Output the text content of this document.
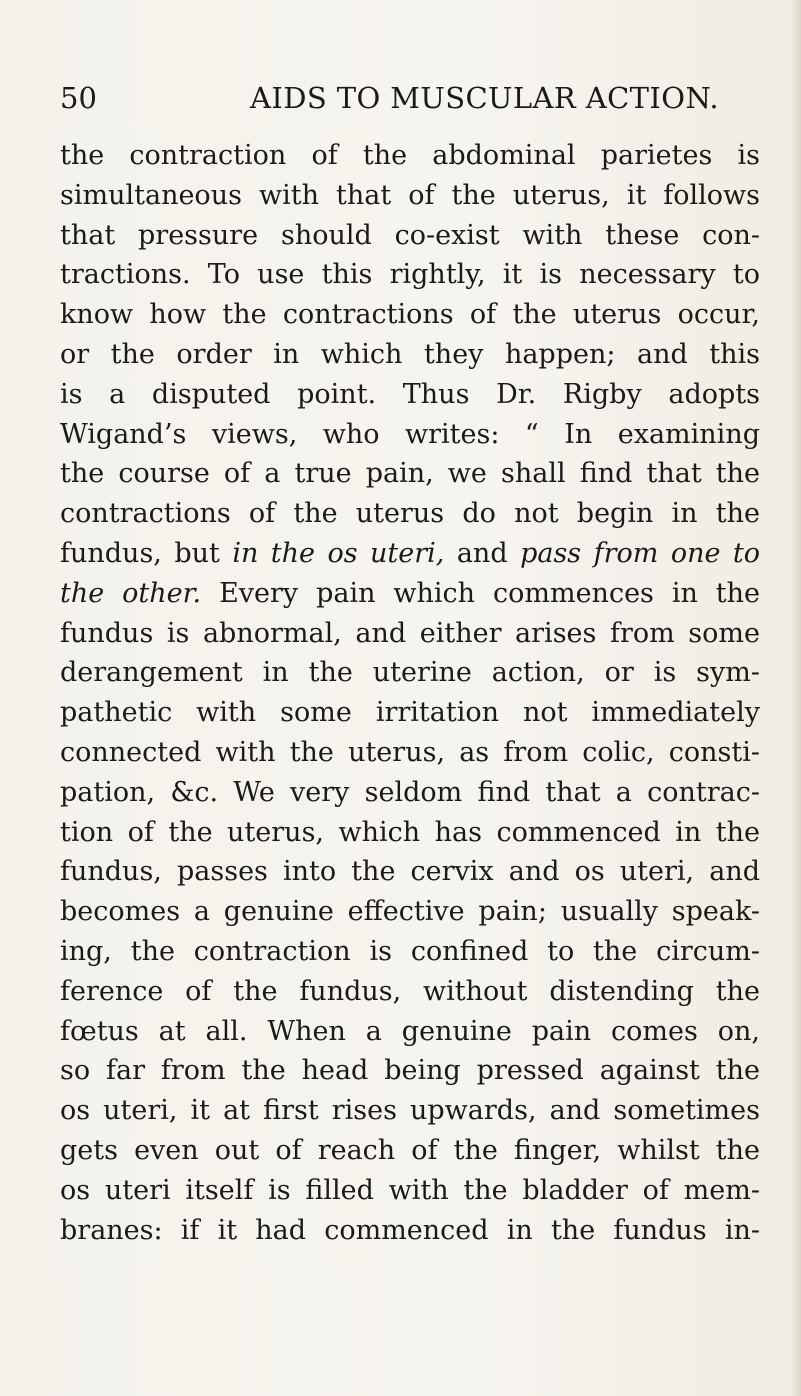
50	AIDS TO MUSCULAR ACTION.
the contraction of the abdominal parietes is
simultaneous with that of the uterus, it follows
that pressure should co-exist with these con-
tractions. To use this rightly, it is necessary to
know how the contractions of the uterus occur,
or the order in which they happen; and this
is a disputed point. Thus Dr. Rigby adopts
Wigand’s views, who writes: “ In examining
the course of a true pain, we shall find that the
contractions of the uterus do not begin in the
fundus, but in the os uteri, and pass from one to
the other. Every pain which commences in the
fundus is abnormal, and either arises from some
derangement in the uterine action, or is sym-
pathetic with some irritation not immediately
connected with the uterus, as from colic, consti-
pation, &c. We very seldom find that a contrac-
tion of the uterus, which has commenced in the
fundus, passes into the cervix and os uteri, and
becomes a genuine effective pain; usually speak-
ing, the contraction is confined to the circum-
ference of the fundus, without distending the
fœtus at all. When a genuine pain comes on,
so far from the head being pressed against the
os uteri, it at first rises upwards, and sometimes
gets even out of reach of the finger, whilst the
os uteri itself is filled with the bladder of mem-
branes: if it had commenced in the fundus in-
